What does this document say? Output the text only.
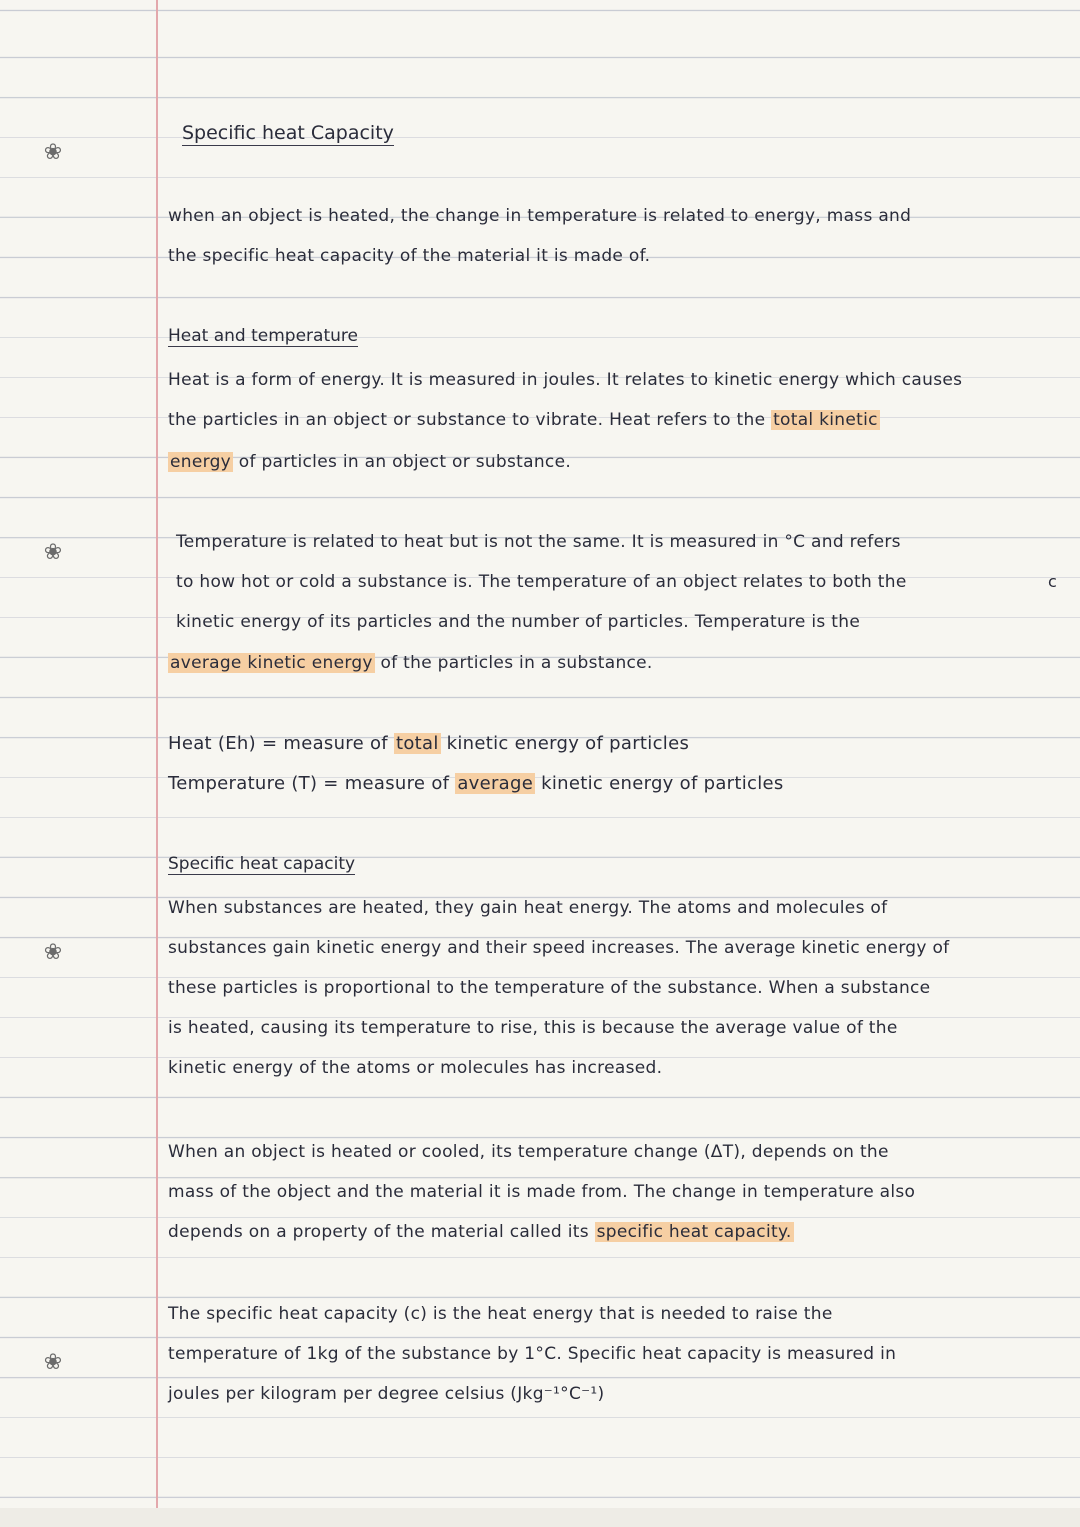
❀
❀
❀
❀
Specific heat Capacity
when an object is heated, the change in temperature is related to energy, mass and
the specific heat capacity of the material it is made of.
Heat and temperature
Heat is a form of energy. It is measured in joules. It relates to kinetic energy which causes
the particles in an object or substance to vibrate. Heat refers to the total kinetic
energy of particles in an object or substance.
Temperature is related to heat but is not the same. It is measured in °C and refers
to how hot or cold a substance is. The temperature of an object relates to both the
kinetic energy of its particles and the number of particles. Temperature is the
average kinetic energy of the particles in a substance.
c
Heat (Eh) = measure of total kinetic energy of particles
Temperature (T) = measure of average kinetic energy of particles
Specific heat capacity
When substances are heated, they gain heat energy. The atoms and molecules of
substances gain kinetic energy and their speed increases. The average kinetic energy of
these particles is proportional to the temperature of the substance. When a substance
is heated, causing its temperature to rise, this is because the average value of the
kinetic energy of the atoms or molecules has increased.
When an object is heated or cooled, its temperature change (ΔT), depends on the
mass of the object and the material it is made from. The change in temperature also
depends on a property of the material called its specific heat capacity.
The specific heat capacity (c) is the heat energy that is needed to raise the
temperature of 1kg of the substance by 1°C. Specific heat capacity is measured in
joules per kilogram per degree celsius (Jkg⁻¹°C⁻¹)
